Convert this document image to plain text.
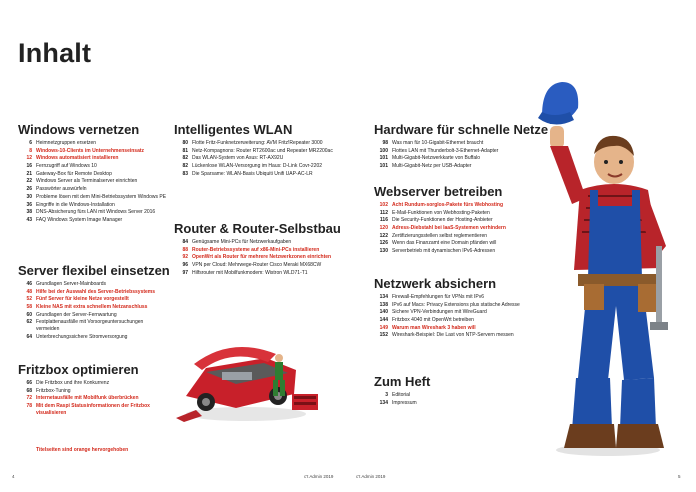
Inhalt
Windows vernetzen
6 Heimnetzgruppen ersetzen
8 Windows-10-Clients im Unternehmenseinsatz
12 Windows automatisiert installieren
16 Fernzugriff auf Windows 10
21 Gateway-Box für Remote Desktop
22 Windows Server als Terminalserver einrichten
26 Passwörter auswürfeln
30 Probleme lösen mit dem Mini-Betriebssystem Windows PE
36 Eingriffe in die Windows-Installation
38 DNS-Absicherung fürs LAN mit Windows Server 2016
43 FAQ Windows System Image Manager
Server flexibel einsetzen
46 Grundlagen Server-Mainboards
48 Hilfe bei der Auswahl des Server-Betriebssystems
52 Fünf Server für kleine Netze vorgestellt
58 Kleine NAS mit extra schnellem Netzanschluss
60 Grundlagen der Server-Fernwartung
62 Festplattenausfälle mit Vorsorgeuntersuchungen vermeiden
64 Unterbrechungssichere Stromversorgung
Fritzbox optimieren
66 Die Fritzbox und ihre Konkurrenz
68 Fritzbox-Tuning
72 Internetausfälle mit Mobilfunk überbrücken
78 Mit dem Raspi Statusinformationen der Fritzbox visualisieren
Intelligentes WLAN
80 Flotte Fritz-Funknetzerweiterung: AVM Fritz!Repeater 3000
81 Netz-Kompagnons: Router RT2600ac und Repeater MR2200ac
82 Das WLAN-System von Asus: RT-AX92U
82 Lückenlose WLAN-Versorgung im Haus: D-Link Covr-2202
83 Die Sparsame: WLAN-Basis Ubiquiti Unifi UAP-AC-LR
Router & Router-Selbstbau
84 Genügsame Mini-PCs für Netzwerkaufgaben
88 Router-Betriebssysteme auf x86-Mini-PCs installieren
92 OpenWrt als Router für mehrere Netzwerkzonen einrichten
96 VPN per Cloud: Mehrwege-Router Cisco Meraki MX68CW
97 Hilfsrouter mit Mobilfunkmodem: Wistron WLD71-T1
Hardware für schnelle Netze
98 Was man für 10-Gigabit-Ethernet braucht
100 Flottes LAN mit Thunderbolt-3-Ethernet-Adapter
101 Multi-Gigabit-Netzwerkkarte von Buffalo
101 Multi-Gigabit-Netz per USB-Adapter
Webserver betreiben
102 Acht Rundum-sorglos-Pakete fürs Webhosting
112 E-Mail-Funktionen von Webhosting-Paketen
116 Die Security-Funktionen der Hosting-Anbieter
120 Adress-Diebstahl bei IaaS-Systemen verhindern
122 Zertifizierungsstellen selbst reglementieren
126 Wenn das Finanzamt eine Domain pfänden will
130 Serverbetrieb mit dynamischen IPv6-Adressen
Netzwerk absichern
134 Firewall-Empfehlungen für VPNs mit IPv6
138 IPv6 auf Macs: Privacy Extensions plus statische Adresse
140 Sichere VPN-Verbindungen mit WireGuard
144 Fritzbox 4040 mit OpenWrt betreiben
149 Warum man Wireshark 3 haben will
152 Wireshark-Beispiel: Die Last von NTP-Servern messen
Zum Heft
3 Editorial
134 Impressum
Titelseiten sind orange hervorgehoben
4	c't Admin 2019	c't Admin 2019	5
